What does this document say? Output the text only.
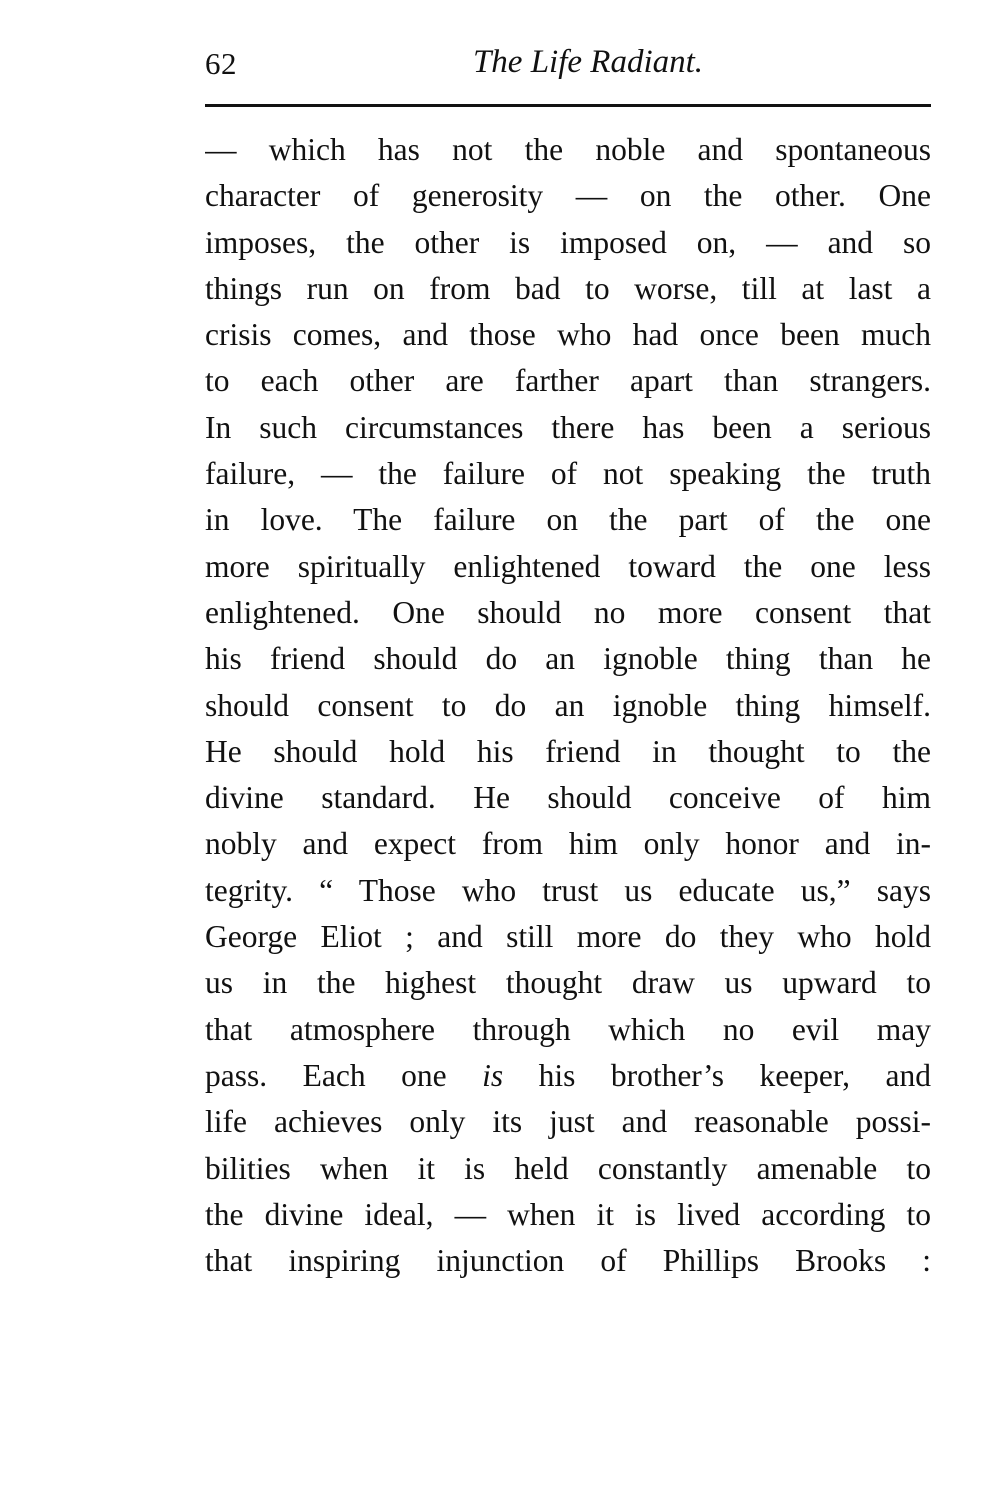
62	The Life Radiant.
— which has not the noble and spontaneous
character of generosity — on the other. One
imposes, the other is imposed on, — and so
things run on from bad to worse, till at last a
crisis comes, and those who had once been much
to each other are farther apart than strangers.
In such circumstances there has been a serious
failure, — the failure of not speaking the truth
in love. The failure on the part of the one
more spiritually enlightened toward the one less
enlightened. One should no more consent that
his friend should do an ignoble thing than he
should consent to do an ignoble thing himself.
He should hold his friend in thought to the
divine standard. He should conceive of him
nobly and expect from him only honor and in-
tegrity. “ Those who trust us educate us,” says
George Eliot ; and still more do they who hold
us in the highest thought draw us upward to
that atmosphere through which no evil may
pass. Each one is his brother’s keeper, and
life achieves only its just and reasonable possi-
bilities when it is held constantly amenable to
the divine ideal, — when it is lived according to
that inspiring injunction of Phillips Brooks :
